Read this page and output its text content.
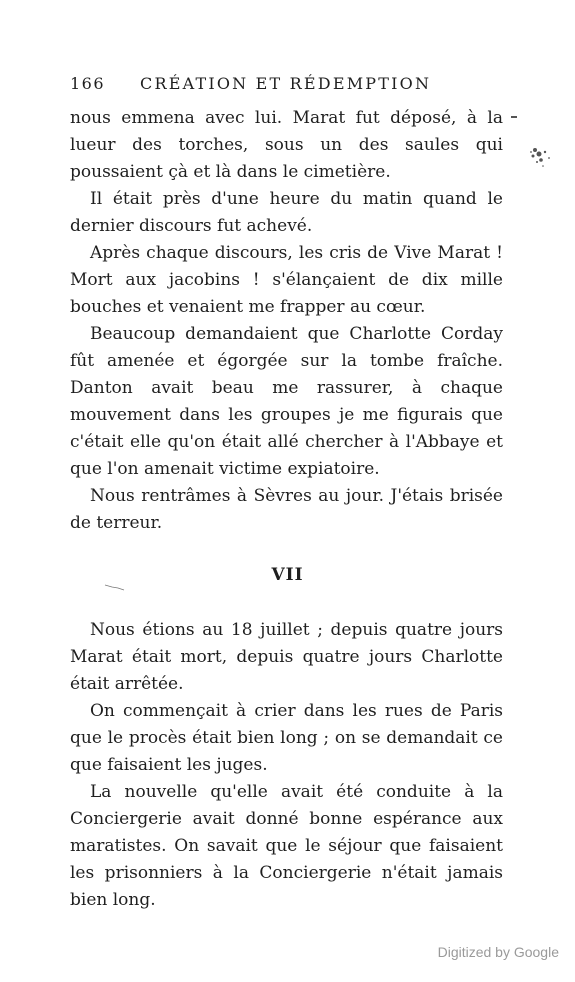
166 CRÉATION ET RÉDEMPTION

nous emmena avec lui. Marat fut déposé, à la lueur des torches, sous un des saules qui poussaient çà et là dans le cimetière.

Il était près d'une heure du matin quand le dernier discours fut achevé.

Après chaque discours, les cris de Vive Marat ! Mort aux jacobins ! s'élançaient de dix mille bouches et venaient me frapper au cœur.

Beaucoup demandaient que Charlotte Corday fût amenée et égorgée sur la tombe fraîche. Danton avait beau me rassurer, à chaque mouvement dans les groupes je me figurais que c'était elle qu'on était allé chercher à l'Abbaye et que l'on amenait victime expiatoire.

Nous rentrâmes à Sèvres au jour. J'étais brisée de terreur.

VII

Nous étions au 18 juillet ; depuis quatre jours Marat était mort, depuis quatre jours Charlotte était arrêtée.

On commençait à crier dans les rues de Paris que le procès était bien long ; on se demandait ce que faisaient les juges.

La nouvelle qu'elle avait été conduite à la Conciergerie avait donné bonne espérance aux maratistes. On savait que le séjour que faisaient les prisonniers à la Conciergerie n'était jamais bien long.

Digitized by Google
